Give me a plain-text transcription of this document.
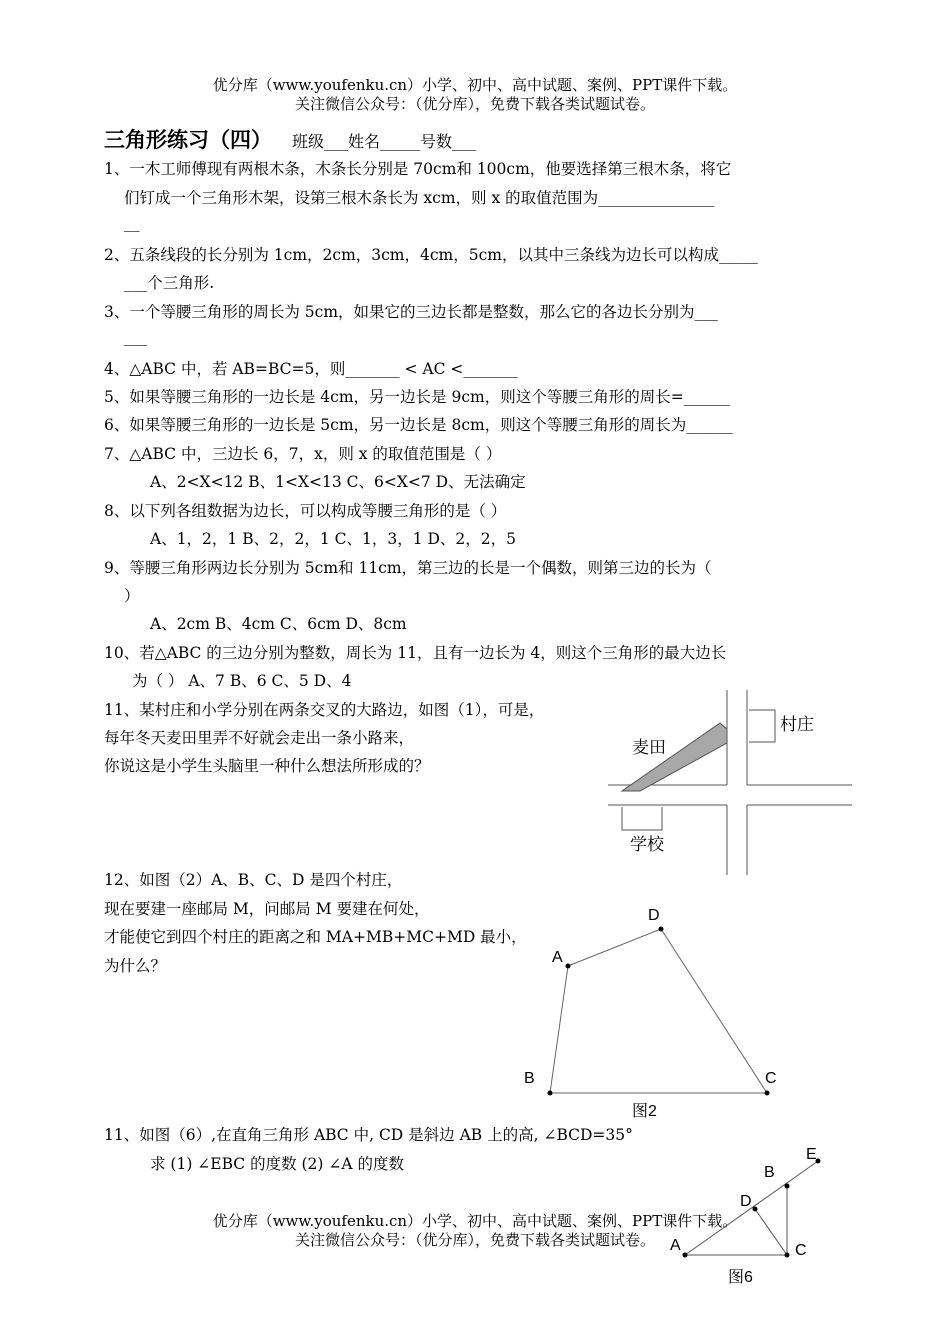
优分库（www.youfenku.cn）小学、初中、高中试题、案例、PPT课件下载。
关注微信公众号：（优分库），免费下载各类试题试卷。
三角形练习（四） 班级___姓名_____号数___
1、一木工师傅现有两根木条，木条长分别是 70cm和 100cm，他要选择第三根木条，将它
们钉成一个三角形木架，设第三根木条长为 xcm，则 x 的取值范围为_______________
__
2、五条线段的长分别为 1cm，2cm，3cm，4cm，5cm，以其中三条线为边长可以构成_____
___个三角形.
3、一个等腰三角形的周长为 5cm，如果它的三边长都是整数，那么它的各边长分别为___
___
4、△ABC 中，若 AB=BC=5，则_______ < AC <_______
5、如果等腰三角形的一边长是 4cm，另一边长是 9cm，则这个等腰三角形的周长=______
6、如果等腰三角形的一边长是 5cm，另一边长是 8cm，则这个等腰三角形的周长为______
7、△ABC 中，三边长 6，7，x，则 x 的取值范围是（ ）
A、2<X<12 B、1<X<13 C、6<X<7 D、无法确定
8、以下列各组数据为边长，可以构成等腰三角形的是（ ）
A、1，2，1 B、2，2，1 C、1，3，1 D、2，2，5
9、等腰三角形两边长分别为 5cm和 11cm，第三边的长是一个偶数，则第三边的长为（
）
A、2cm B、4cm C、6cm D、8cm
10、若△ABC 的三边分别为整数，周长为 11，且有一边长为 4，则这个三角形的最大边长
为（ ） A、7 B、6 C、5 D、4
11、某村庄和小学分别在两条交叉的大路边，如图（1），可是，
每年冬天麦田里弄不好就会走出一条小路来，
你说这是小学生头脑里一种什么想法所形成的？
12、如图（2）A、B、C、D 是四个村庄，
现在要建一座邮局 M，问邮局 M 要建在何处，
才能使它到四个村庄的距离之和 MA+MB+MC+MD 最小，
为什么？
11、如图（6）,在直角三角形 ABC 中, CD 是斜边 AB 上的高, ∠BCD=35°
求 (1) ∠EBC 的度数 (2) ∠A 的度数
麦田
村庄
学校
A
D
C
B
图2
A	C
B
D
E
图6
优分库（www.youfenku.cn）小学、初中、高中试题、案例、PPT课件下载。
关注微信公众号：（优分库），免费下载各类试题试卷。
